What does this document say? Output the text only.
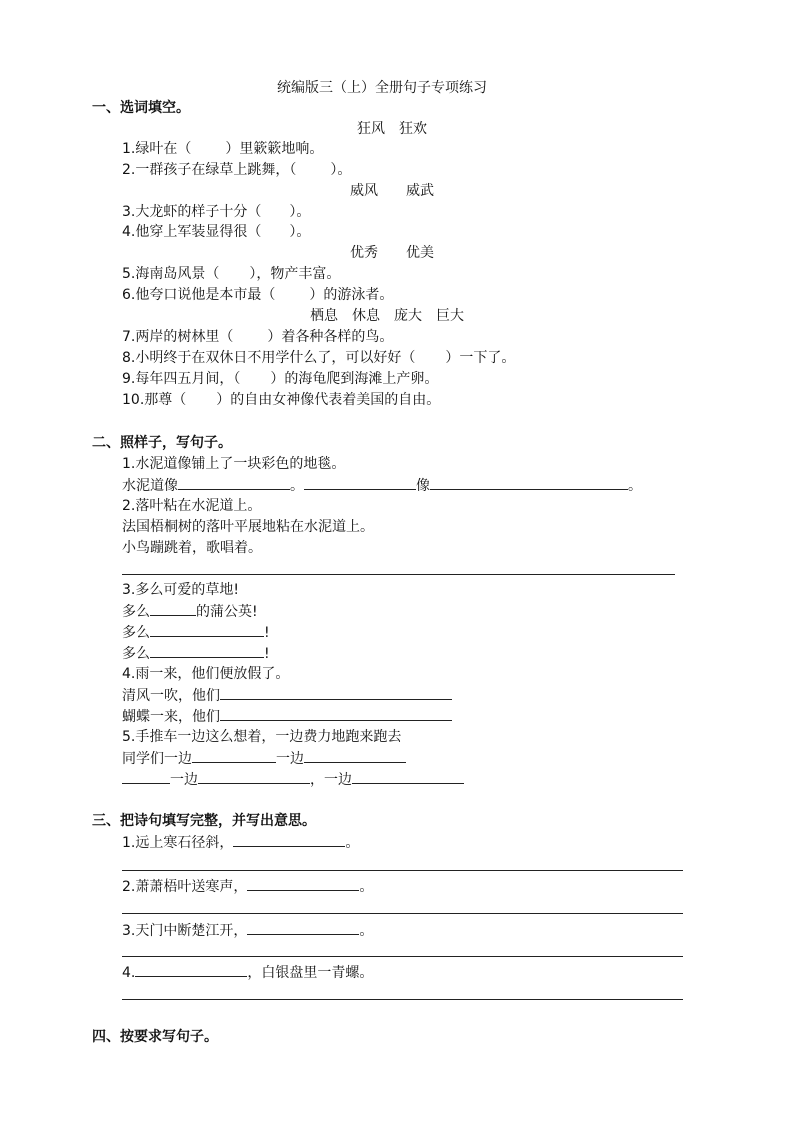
统编版三（上）全册句子专项练习
一、选词填空。
狂风　狂欢
1.绿叶在（ ）里簌簌地响。
2.一群孩子在绿草上跳舞，（ ）。
威风　　威武
3.大龙虾的样子十分（ ）。
4.他穿上军装显得很（ ）。
优秀　　优美
5.海南岛风景（ ），物产丰富。
6.他夸口说他是本市最（ ）的游泳者。
栖息　休息　庞大　巨大
7.两岸的树林里（ ）着各种各样的鸟。
8.小明终于在双休日不用学什么了，可以好好（ ）一下了。
9.每年四五月间，（ ）的海龟爬到海滩上产卵。
10.那尊（ ）的自由女神像代表着美国的自由。
二、照样子，写句子。
1.水泥道像铺上了一块彩色的地毯。
水泥道像	。	像	。
2.落叶粘在水泥道上。
法国梧桐树的落叶平展地粘在水泥道上。
小鸟蹦跳着，歌唱着。
3.多么可爱的草地!
多么	的蒲公英!
多么	!
多么	!
4.雨一来，他们便放假了。
清风一吹，他们
蝴蝶一来，他们
5.手推车一边这么想着，一边费力地跑来跑去
同学们一边	一边
一边	，一边
三、把诗句填写完整，并写出意思。
1.远上寒石径斜，	。
2.萧萧梧叶送寒声，	。
3.天门中断楚江开，	。
4.	，白银盘里一青螺。
四、按要求写句子。
